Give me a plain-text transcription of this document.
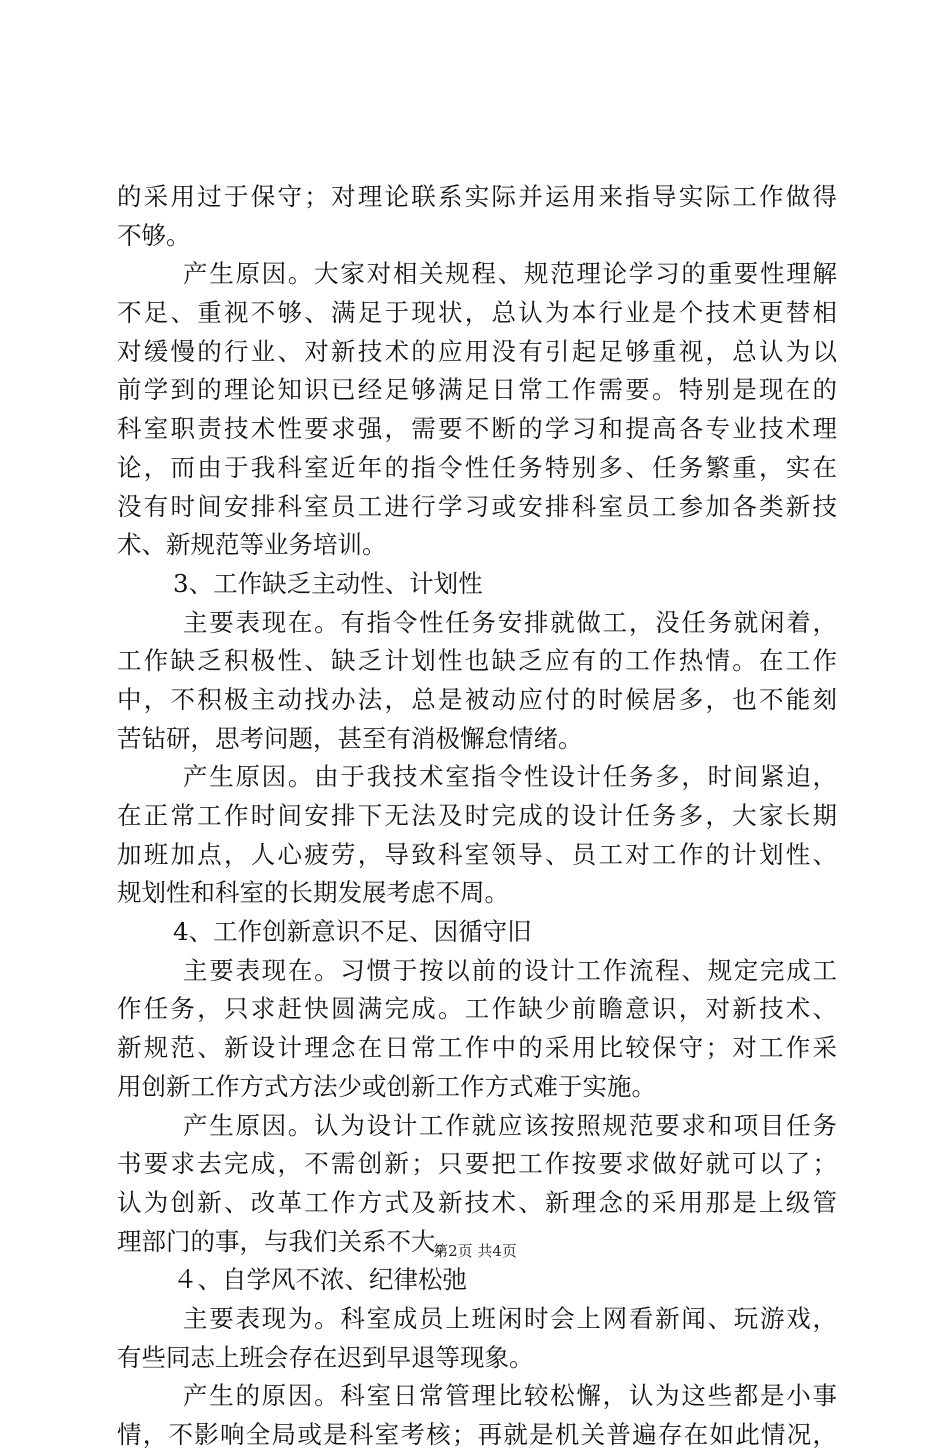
的采用过于保守；对理论联系实际并运用来指导实际工作做得
不够。
产生原因。大家对相关规程、规范理论学习的重要性理解
不足、重视不够、满足于现状，总认为本行业是个技术更替相
对缓慢的行业、对新技术的应用没有引起足够重视，总认为以
前学到的理论知识已经足够满足日常工作需要。特别是现在的
科室职责技术性要求强，需要不断的学习和提高各专业技术理
论，而由于我科室近年的指令性任务特别多、任务繁重，实在
没有时间安排科室员工进行学习或安排科室员工参加各类新技
术、新规范等业务培训。
3、工作缺乏主动性、计划性
主要表现在。有指令性任务安排就做工，没任务就闲着，
工作缺乏积极性、缺乏计划性也缺乏应有的工作热情。在工作
中，不积极主动找办法，总是被动应付的时候居多，也不能刻
苦钻研，思考问题，甚至有消极懈怠情绪。
产生原因。由于我技术室指令性设计任务多，时间紧迫，
在正常工作时间安排下无法及时完成的设计任务多，大家长期
加班加点，人心疲劳，导致科室领导、员工对工作的计划性、
规划性和科室的长期发展考虑不周。
4、工作创新意识不足、因循守旧
主要表现在。习惯于按以前的设计工作流程、规定完成工
作任务，只求赶快圆满完成。工作缺少前瞻意识，对新技术、
新规范、新设计理念在日常工作中的采用比较保守；对工作采
用创新工作方式方法少或创新工作方式难于实施。
产生原因。认为设计工作就应该按照规范要求和项目任务
书要求去完成，不需创新；只要把工作按要求做好就可以了；
认为创新、改革工作方式及新技术、新理念的采用那是上级管
理部门的事，与我们关系不大。
４、自学风不浓、纪律松弛
主要表现为。科室成员上班闲时会上网看新闻、玩游戏，
有些同志上班会存在迟到早退等现象。
产生的原因。科室日常管理比较松懈，认为这些都是小事
情，不影响全局或是科室考核；再就是机关普遍存在如此情况，
第2页 共4页
